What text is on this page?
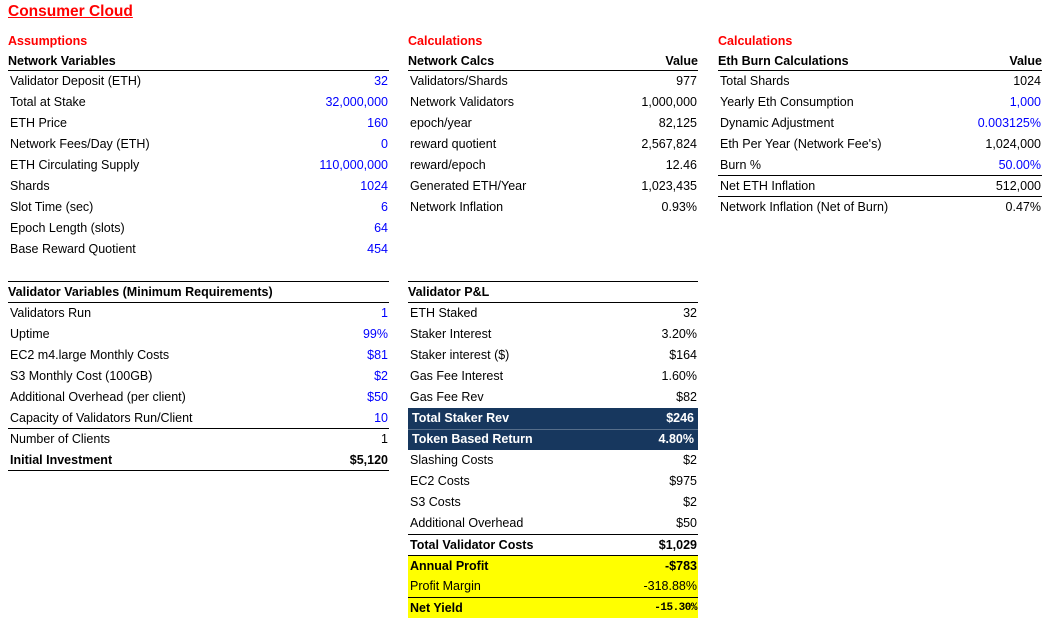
Consumer Cloud
Assumptions	Calculations	Calculations
Network Variables
Validator Deposit (ETH)	32
Total at Stake	32,000,000
ETH Price	160
Network Fees/Day (ETH)	0
ETH Circulating Supply	110,000,000
Shards	1024
Slot Time (sec)	6
Epoch Length (slots)	64
Base Reward Quotient	454
Validator Variables (Minimum Requirements)
Validators Run	1
Uptime	99%
EC2 m4.large Monthly Costs	$81
S3 Monthly Cost (100GB)	$2
Additional Overhead (per client)	$50
Capacity of Validators Run/Client	10
Number of Clients	1
Initial Investment	$5,120
Network Calcs	Value
Validators/Shards	977
Network Validators	1,000,000
epoch/year	82,125
reward quotient	2,567,824
reward/epoch	12.46
Generated ETH/Year	1,023,435
Network Inflation	0.93%
Validator P&L
ETH Staked	32
Staker Interest	3.20%
Staker interest ($)	$164
Gas Fee Interest	1.60%
Gas Fee Rev	$82
Total Staker Rev	$246
Token Based Return	4.80%
Slashing Costs	$2
EC2 Costs	$975
S3 Costs	$2
Additional Overhead	$50
Total Validator Costs	$1,029
Annual Profit	-$783
Profit Margin	-318.88%
Net Yield	-15.30%
Eth Burn Calculations	Value
Total Shards	1024
Yearly Eth Consumption	1,000
Dynamic Adjustment	0.003125%
Eth Per Year (Network Fee's)	1,024,000
Burn %	50.00%
Net ETH Inflation	512,000
Network Inflation (Net of Burn)	0.47%
